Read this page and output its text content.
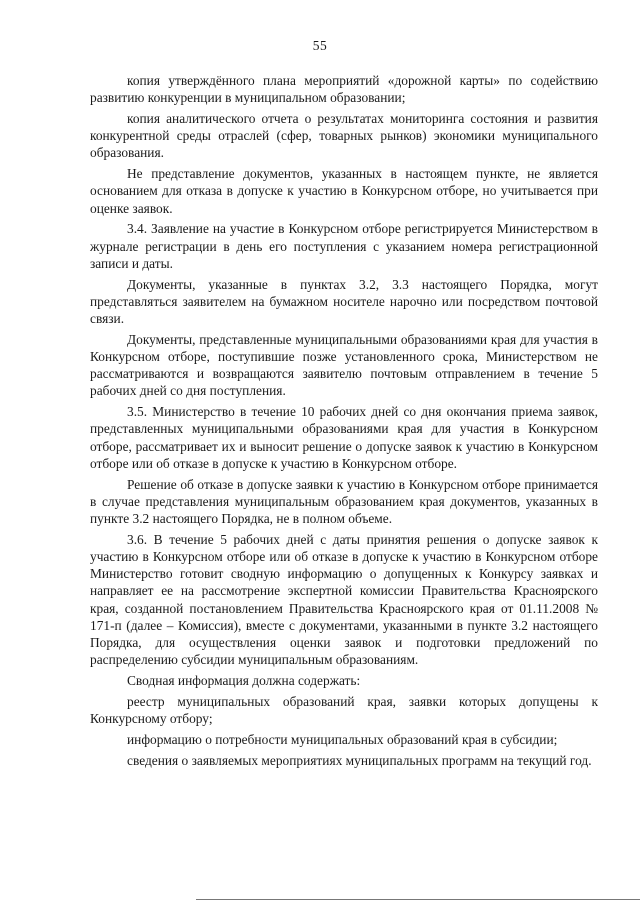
55

копия утверждённого плана мероприятий «дорожной карты» по содействию развитию конкуренции в муниципальном образовании;

копия аналитического отчета о результатах мониторинга состояния и развития конкурентной среды отраслей (сфер, товарных рынков) экономики муниципального образования.

Не представление документов, указанных в настоящем пункте, не является основанием для отказа в допуске к участию в Конкурсном отборе, но учитывается при оценке заявок.

3.4. Заявление на участие в Конкурсном отборе регистрируется Министерством в журнале регистрации в день его поступления с указанием номера регистрационной записи и даты.

Документы, указанные в пунктах 3.2, 3.3 настоящего Порядка, могут представляться заявителем на бумажном носителе нарочно или посредством почтовой связи.

Документы, представленные муниципальными образованиями края для участия в Конкурсном отборе, поступившие позже установленного срока, Министерством не рассматриваются и возвращаются заявителю почтовым отправлением в течение 5 рабочих дней со дня поступления.

3.5. Министерство в течение 10 рабочих дней со дня окончания приема заявок, представленных муниципальными образованиями края для участия в Конкурсном отборе, рассматривает их и выносит решение о допуске заявок к участию в Конкурсном отборе или об отказе в допуске к участию в Конкурсном отборе.

Решение об отказе в допуске заявки к участию в Конкурсном отборе принимается в случае представления муниципальным образованием края документов, указанных в пункте 3.2 настоящего Порядка, не в полном объеме.

3.6. В течение 5 рабочих дней с даты принятия решения о допуске заявок к участию в Конкурсном отборе или об отказе в допуске к участию в Конкурсном отборе Министерство готовит сводную информацию о допущенных к Конкурсу заявках и направляет ее на рассмотрение экспертной комиссии Правительства Красноярского края, созданной постановлением Правительства Красноярского края от 01.11.2008 № 171-п (далее – Комиссия), вместе с документами, указанными в пункте 3.2 настоящего Порядка, для осуществления оценки заявок и подготовки предложений по распределению субсидии муниципальным образованиям.

Сводная информация должна содержать:

реестр муниципальных образований края, заявки которых допущены к Конкурсному отбору;

информацию о потребности муниципальных образований края в субсидии;

сведения о заявляемых мероприятиях муниципальных программ на текущий год.
